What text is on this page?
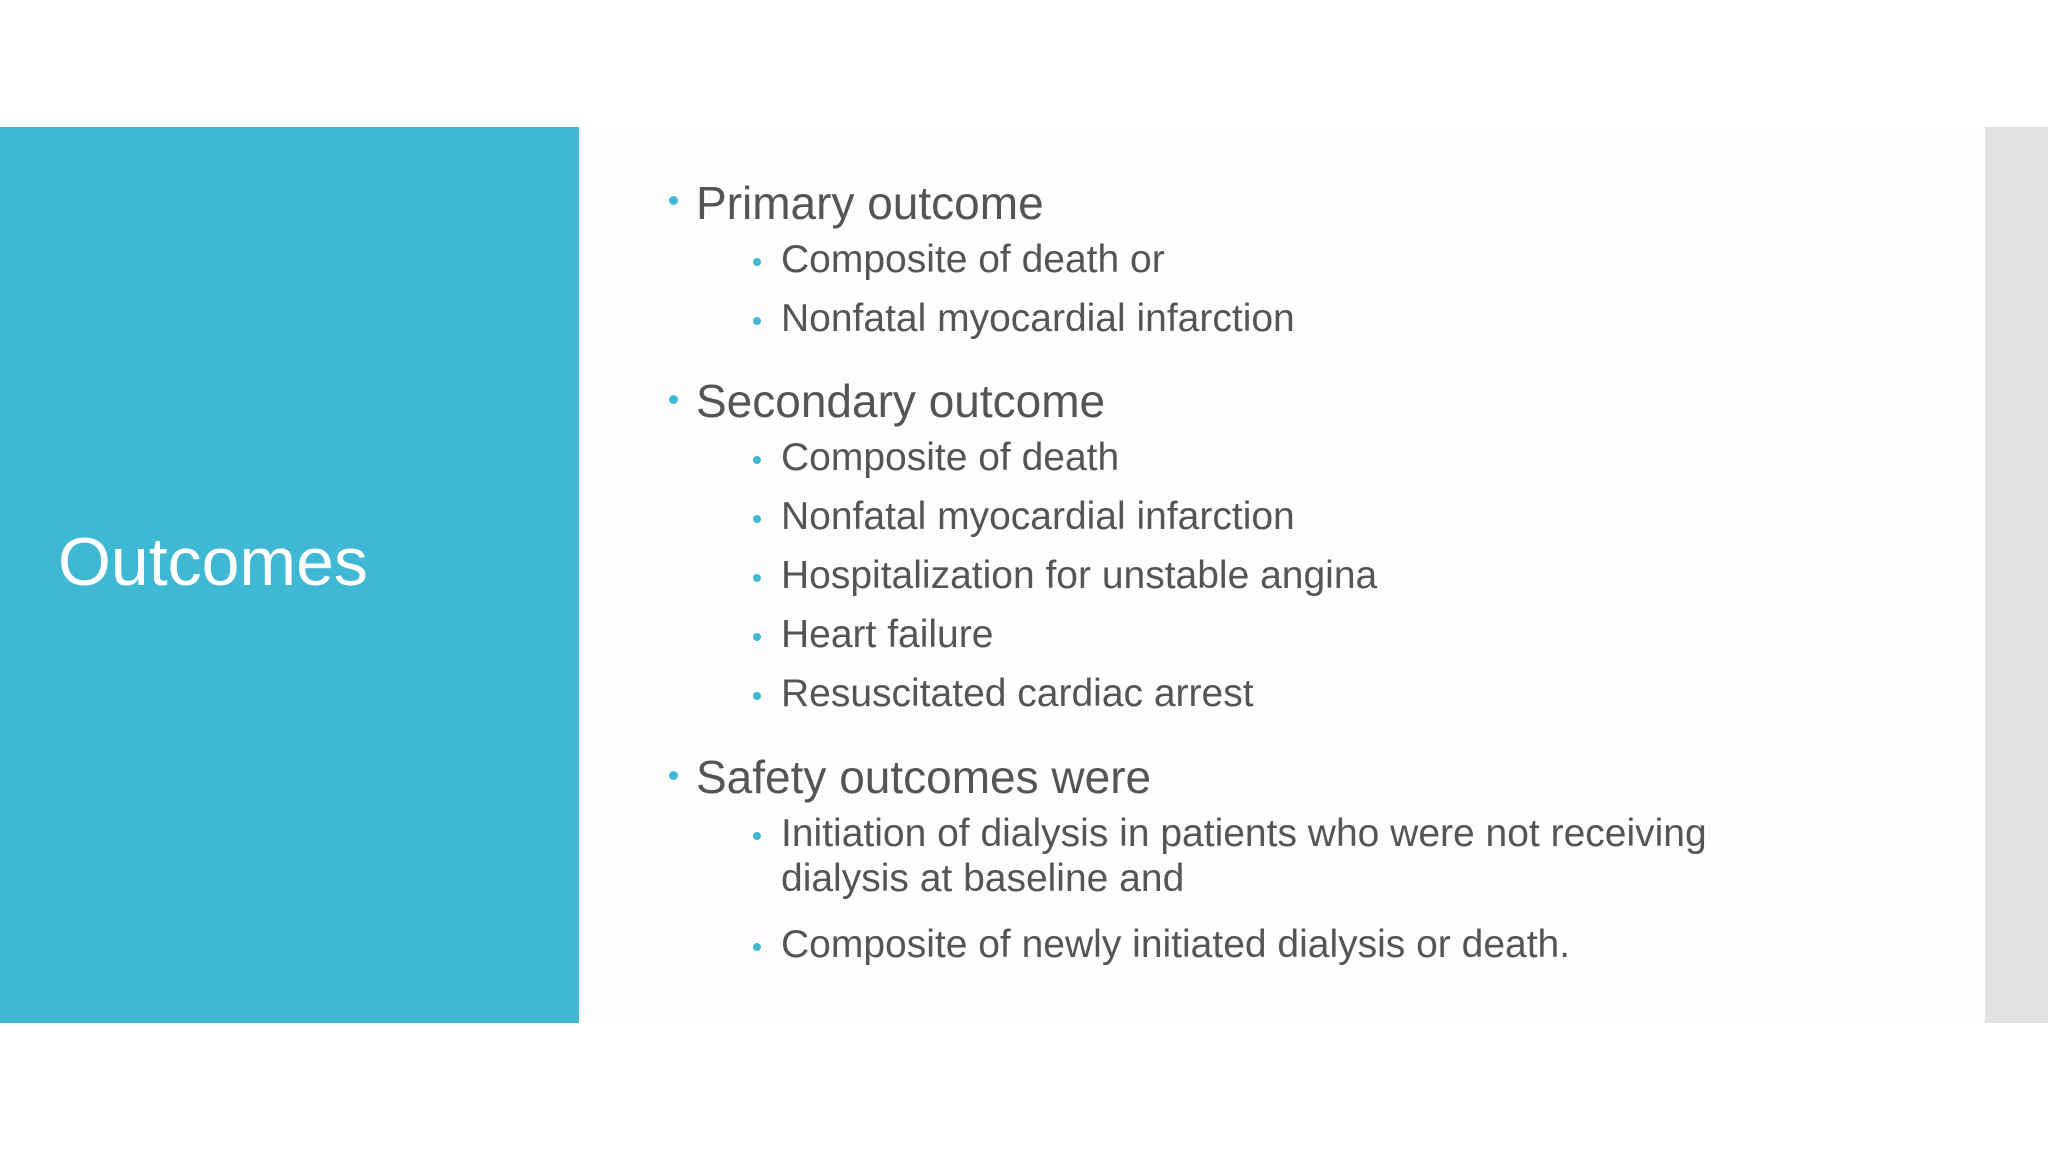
Outcomes
Primary outcome
Composite of death or
Nonfatal myocardial infarction
Secondary outcome
Composite of death
Nonfatal myocardial infarction
Hospitalization for unstable angina
Heart failure
Resuscitated cardiac arrest
Safety outcomes were
Initiation of dialysis in patients who were not receiving
dialysis at baseline and
Composite of newly initiated dialysis or death.
